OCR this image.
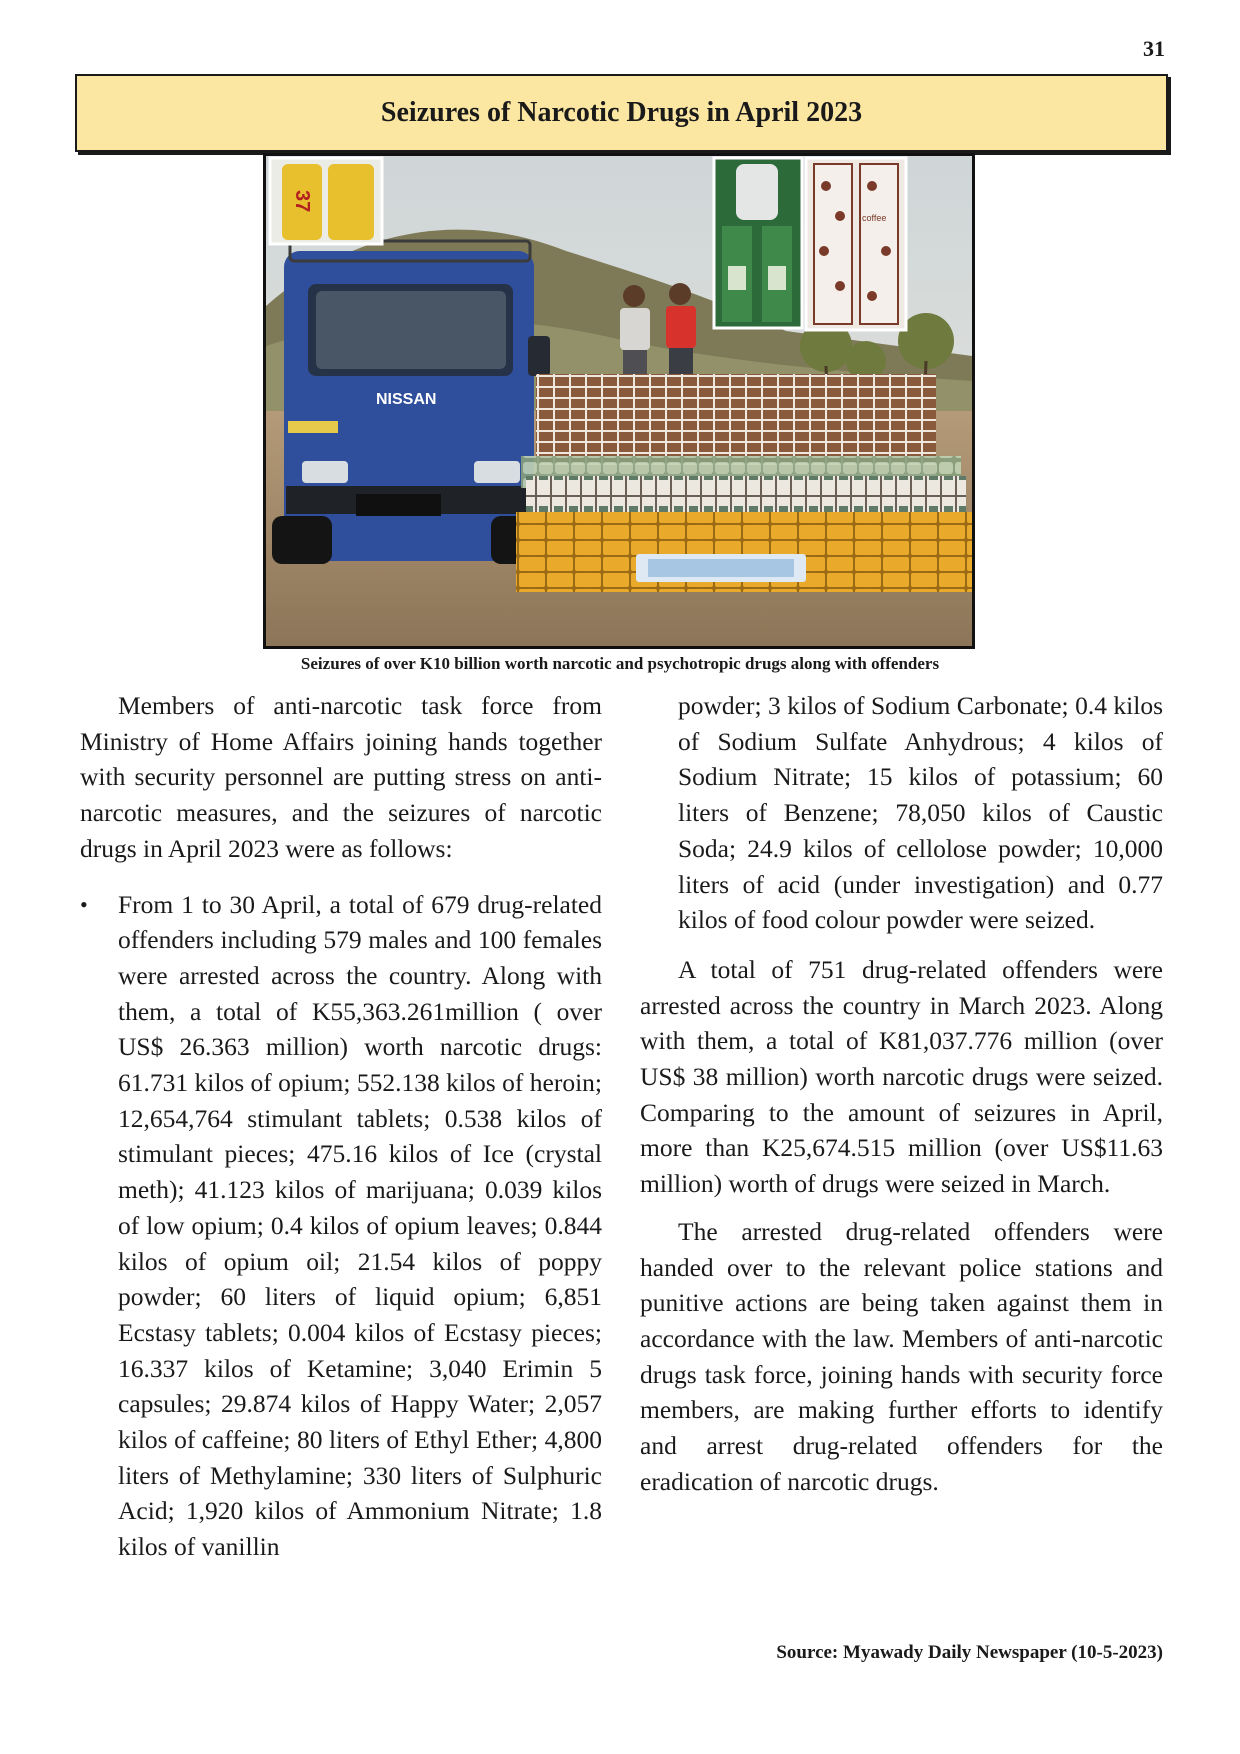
31
Seizures of Narcotic Drugs in April 2023
NISSAN
37
coffee
Seizures of over K10 billion worth narcotic and psychotropic drugs along with offenders

Members of anti-narcotic task force from Ministry of Home Affairs joining hands together with security personnel are putting stress on anti-narcotic measures, and the seizures of narcotic drugs in April 2023 were as follows:

• From 1 to 30 April, a total of 679 drug-related offenders including 579 males and 100 females were arrested across the country. Along with them, a total of K55,363.261million ( over US$ 26.363 million) worth narcotic drugs: 61.731 kilos of opium; 552.138 kilos of heroin; 12,654,764 stimulant tablets; 0.538 kilos of stimulant pieces; 475.16 kilos of Ice (crystal meth); 41.123 kilos of marijuana; 0.039 kilos of low opium; 0.4 kilos of opium leaves; 0.844 kilos of opium oil; 21.54 kilos of poppy powder; 60 liters of liquid opium; 6,851 Ecstasy tablets; 0.004 kilos of Ecstasy pieces; 16.337 kilos of Ketamine; 3,040 Erimin 5 capsules; 29.874 kilos of Happy Water; 2,057 kilos of caffeine; 80 liters of Ethyl Ether; 4,800 liters of Methylamine; 330 liters of Sulphuric Acid; 1,920 kilos of Ammonium Nitrate; 1.8 kilos of vanillin

powder; 3 kilos of Sodium Carbonate; 0.4 kilos of Sodium Sulfate Anhydrous; 4 kilos of Sodium Nitrate; 15 kilos of potassium; 60 liters of Benzene; 78,050 kilos of Caustic Soda; 24.9 kilos of cellolose powder; 10,000 liters of acid (under investigation) and 0.77 kilos of food colour powder were seized.

A total of 751 drug-related offenders were arrested across the country in March 2023. Along with them, a total of K81,037.776 million (over US$ 38 million) worth narcotic drugs were seized. Comparing to the amount of seizures in April, more than K25,674.515 million (over US$11.63 million) worth of drugs were seized in March.

The arrested drug-related offenders were handed over to the relevant police stations and punitive actions are being taken against them in accordance with the law. Members of anti-narcotic drugs task force, joining hands with security force members, are making further efforts to identify and arrest drug-related offenders for the eradication of narcotic drugs.

Source: Myawady Daily Newspaper (10-5-2023)
